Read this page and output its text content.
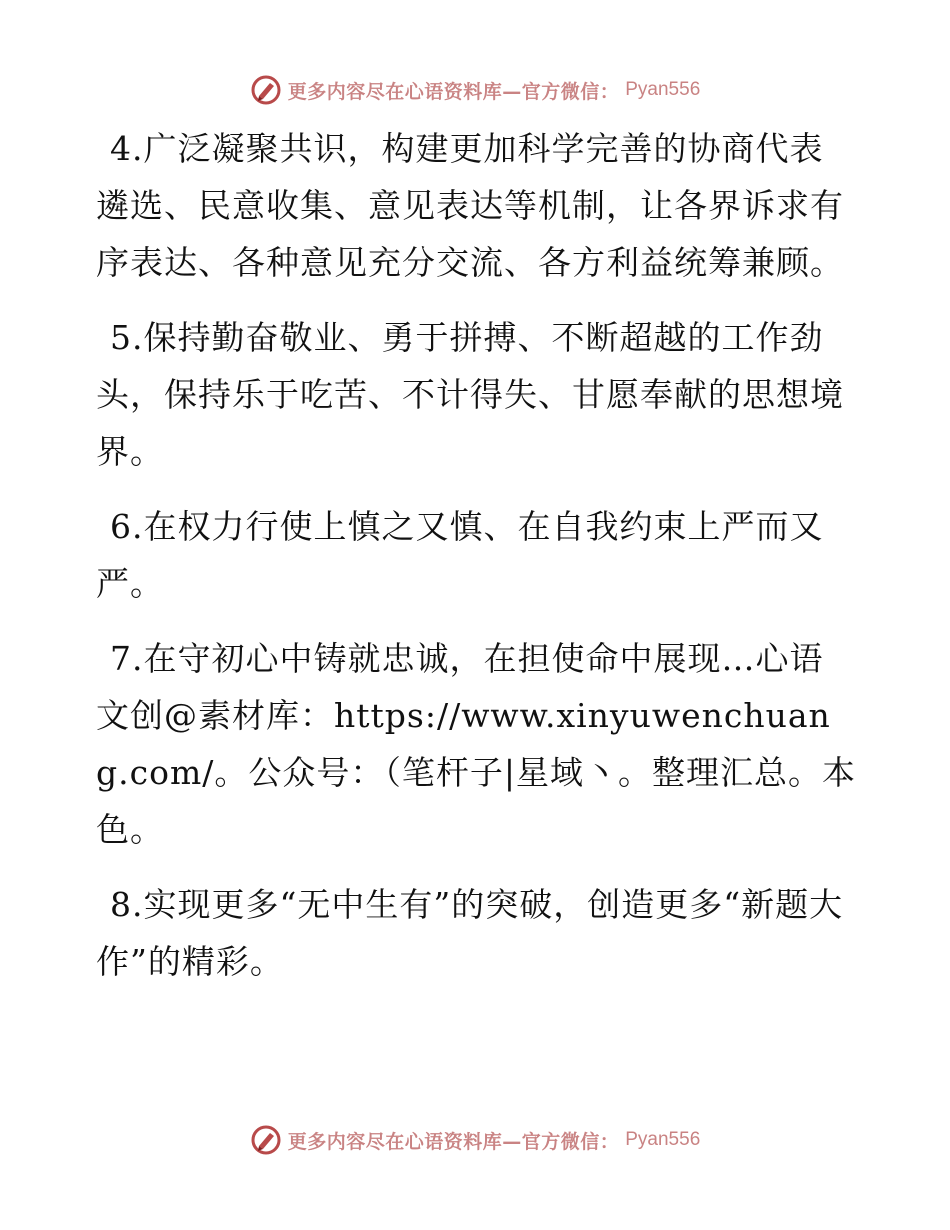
更多内容尽在心语资料库—官方微信： Pyan556

4.广泛凝聚共识，构建更加科学完善的协商代表遴选、民意收集、意见表达等机制，让各界诉求有序表达、各种意见充分交流、各方利益统筹兼顾。

5.保持勤奋敬业、勇于拼搏、不断超越的工作劲头，保持乐于吃苦、不计得失、甘愿奉献的思想境界。

6.在权力行使上慎之又慎、在自我约束上严而又严。

7.在守初心中铸就忠诚，在担使命中展现…心语文创@素材库：https://www.xinyuwenchuang.com/。公众号：（笔杆子|星域丶。整理汇总。本色。

8.实现更多“无中生有”的突破，创造更多“新题大作”的精彩。

更多内容尽在心语资料库—官方微信： Pyan556
